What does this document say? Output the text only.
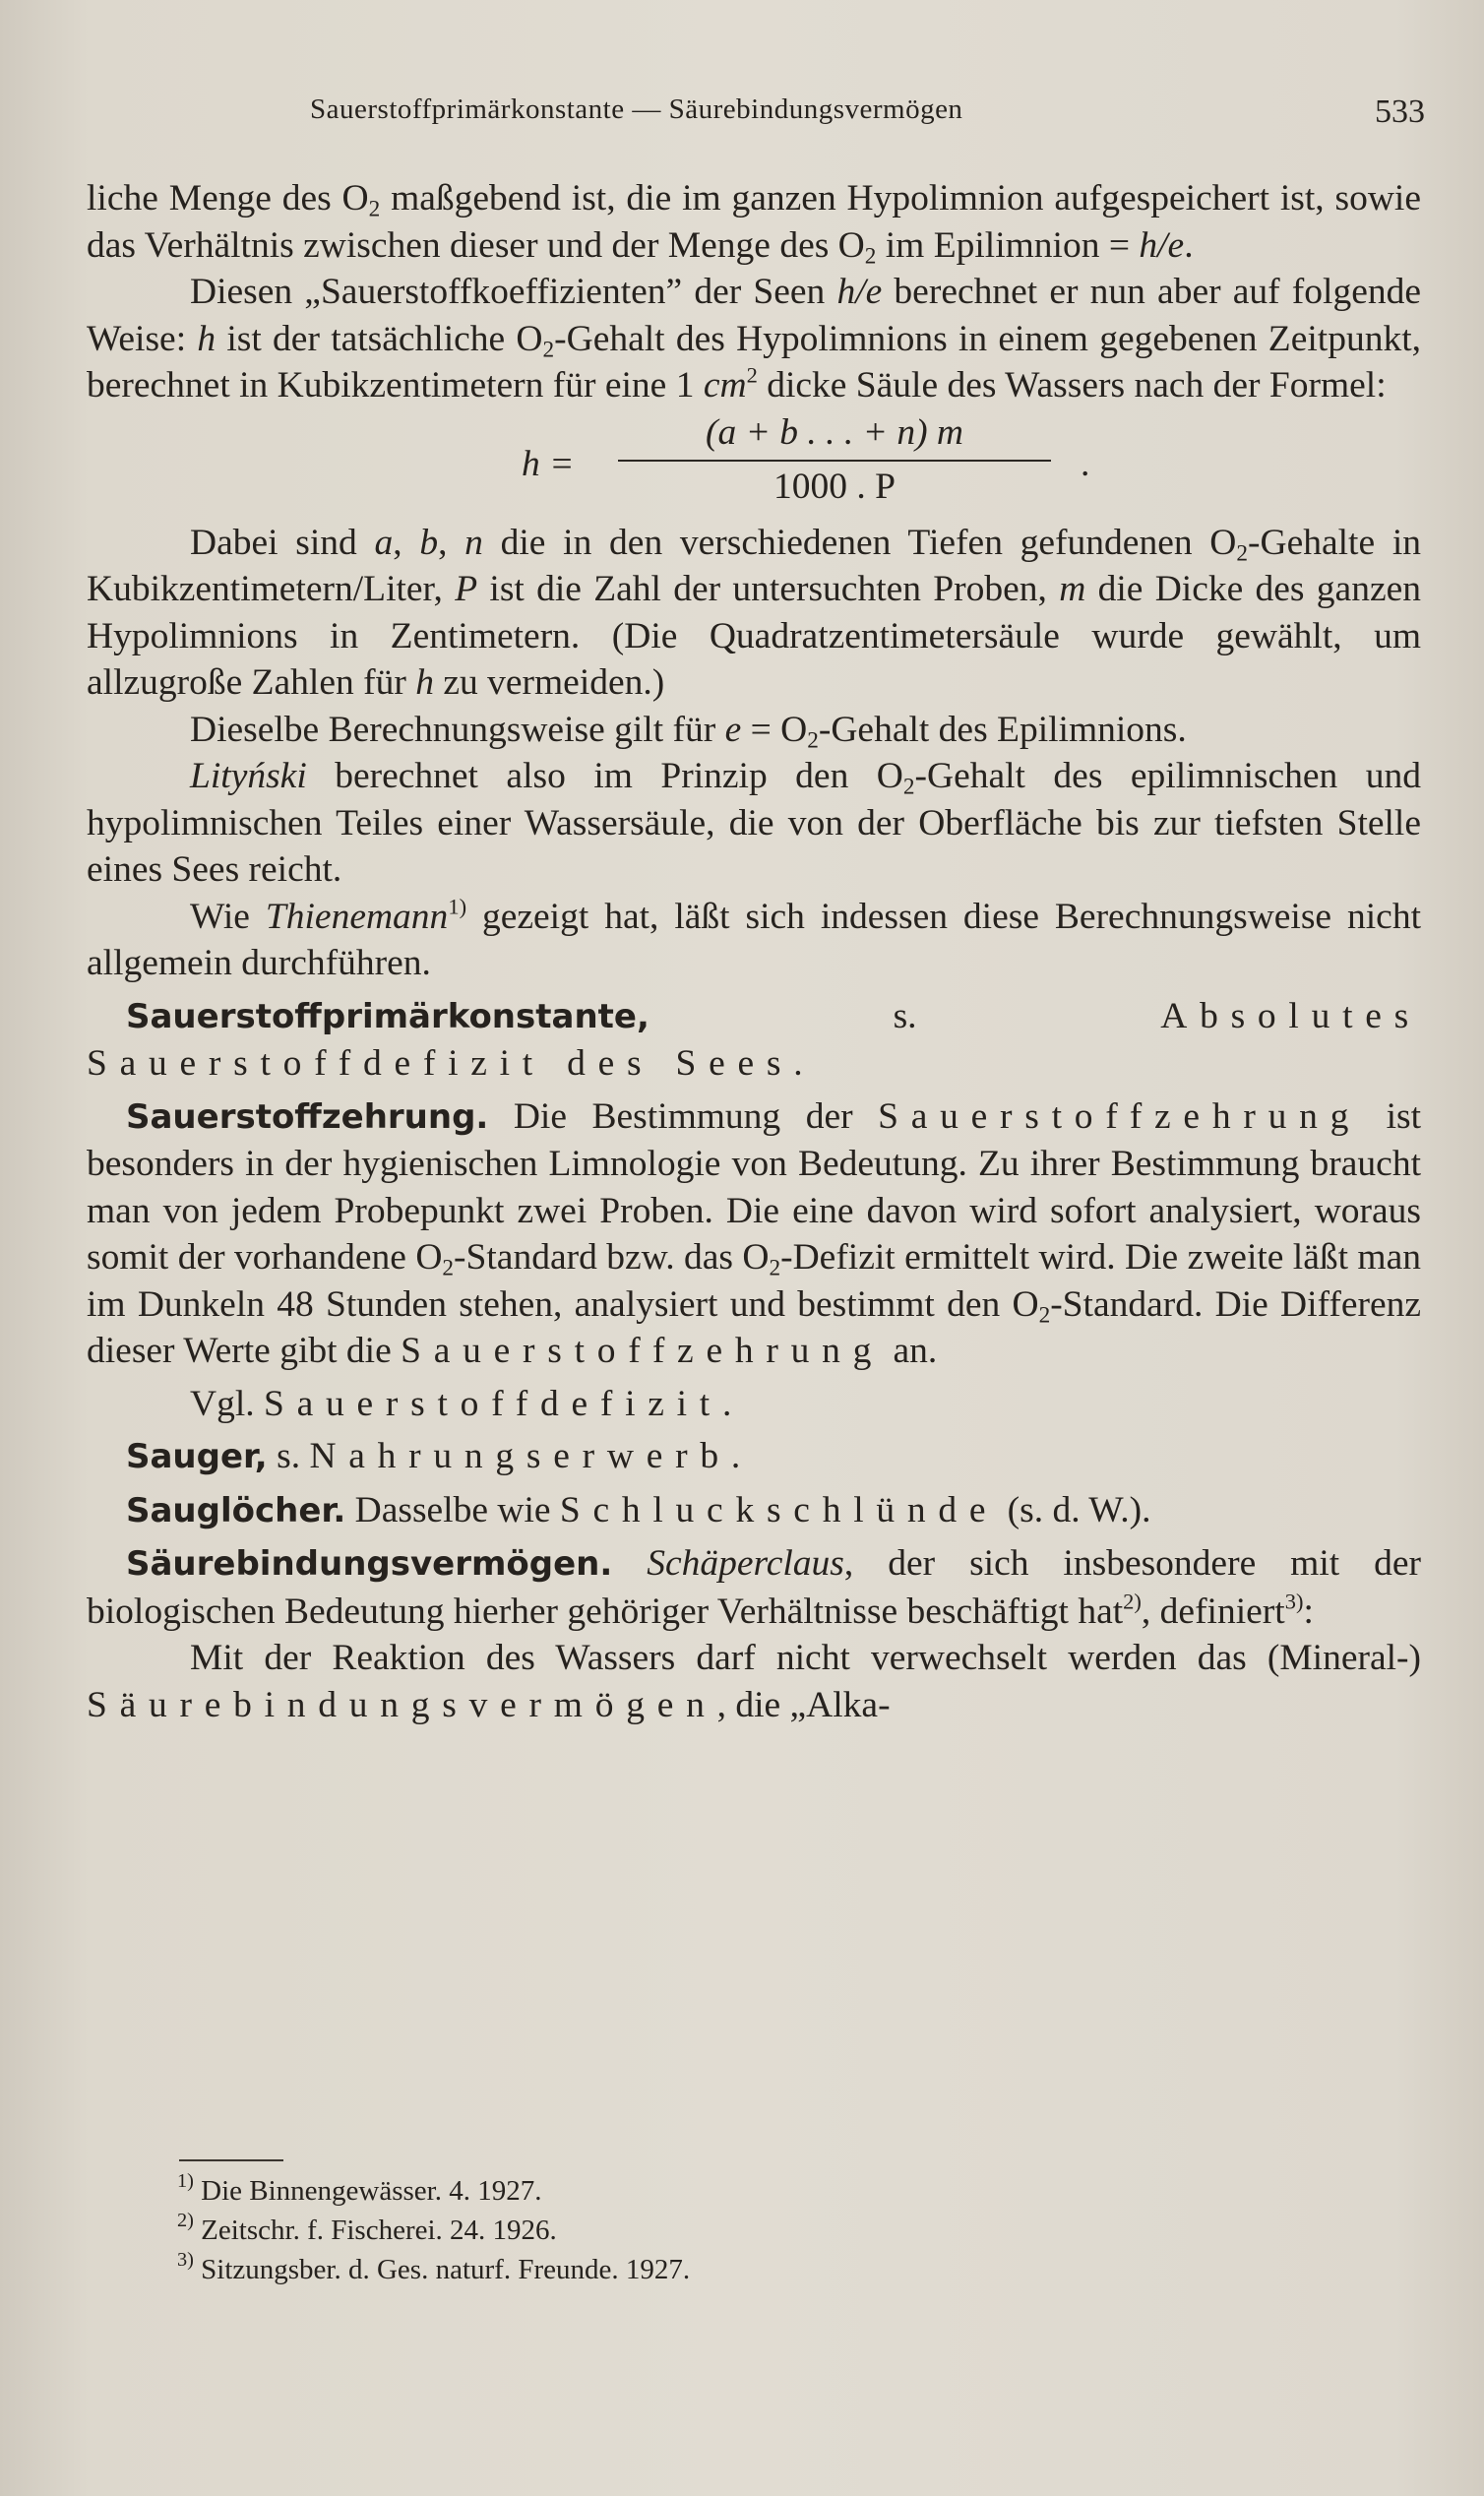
Sauerstoffprimärkonstante — Säurebindungsvermögen	533

liche Menge des $O_2$ maßgebend ist, die im ganzen Hypolimnion aufgespeichert ist, sowie das Verhältnis zwischen dieser und der Menge des $O_2$ im Epilimnion = h/e.

Diesen „Sauerstoffkoeffizienten” der Seen h/e berechnet er nun aber auf folgende Weise: h ist der tatsächliche $O_2$-Gehalt des Hypolimnions in einem gegebenen Zeitpunkt, berechnet in Kubikzentimetern für eine 1 $cm^2$ dicke Säule des Wassers nach der Formel:

h =
(a + b . . . + n) m
1000 . P
.

Dabei sind a, b, n die in den verschiedenen Tiefen gefundenen $O_2$-Gehalte in Kubikzentimetern/Liter, P ist die Zahl der untersuchten Proben, m die Dicke des ganzen Hypolimnions in Zentimetern. (Die Quadratzentimetersäule wurde gewählt, um allzugroße Zahlen für h zu vermeiden.)

Dieselbe Berechnungsweise gilt für $e = O_2$-Gehalt des Epilimnions.

Lityński berechnet also im Prinzip den $O_2$-Gehalt des epilimnischen und hypolimnischen Teiles einer Wassersäule, die von der Oberfläche bis zur tiefsten Stelle eines Sees reicht.

Wie Thienemann$^{1)}$ gezeigt hat, läßt sich indessen diese Berechnungsweise nicht allgemein durchführen.

Sauerstoffprimärkonstante, s. Absolutes Sauerstoffdefizit des Sees.

Sauerstoffzehrung. Die Bestimmung der Sauerstoffzehrung ist besonders in der hygienischen Limnologie von Bedeutung. Zu ihrer Bestimmung braucht man von jedem Probepunkt zwei Proben. Die eine davon wird sofort analysiert, woraus somit der vorhandene $O_2$-Standard bzw. das $O_2$-Defizit ermittelt wird. Die zweite läßt man im Dunkeln 48 Stunden stehen, analysiert und bestimmt den $O_2$-Standard. Die Differenz dieser Werte gibt die Sauerstoffzehrung an.

Vgl. Sauerstoffdefizit.

Sauger, s. Nahrungserwerb.

Sauglöcher. Dasselbe wie Schluckschlünde (s. d. W.).

Säurebindungsvermögen. Schäperclaus, der sich insbesondere mit der biologischen Bedeutung hierher gehöriger Verhältnisse beschäftigt hat$^{2)}$, definiert$^{3)}$:

Mit der Reaktion des Wassers darf nicht verwechselt werden das (Mineral-) Säurebindungsvermögen, die „Alka-

$^{1)}$ Die Binnengewässer. 4. 1927.

$^{2)}$ Zeitschr. f. Fischerei. 24. 1926.

$^{3)}$ Sitzungsber. d. Ges. naturf. Freunde. 1927.
